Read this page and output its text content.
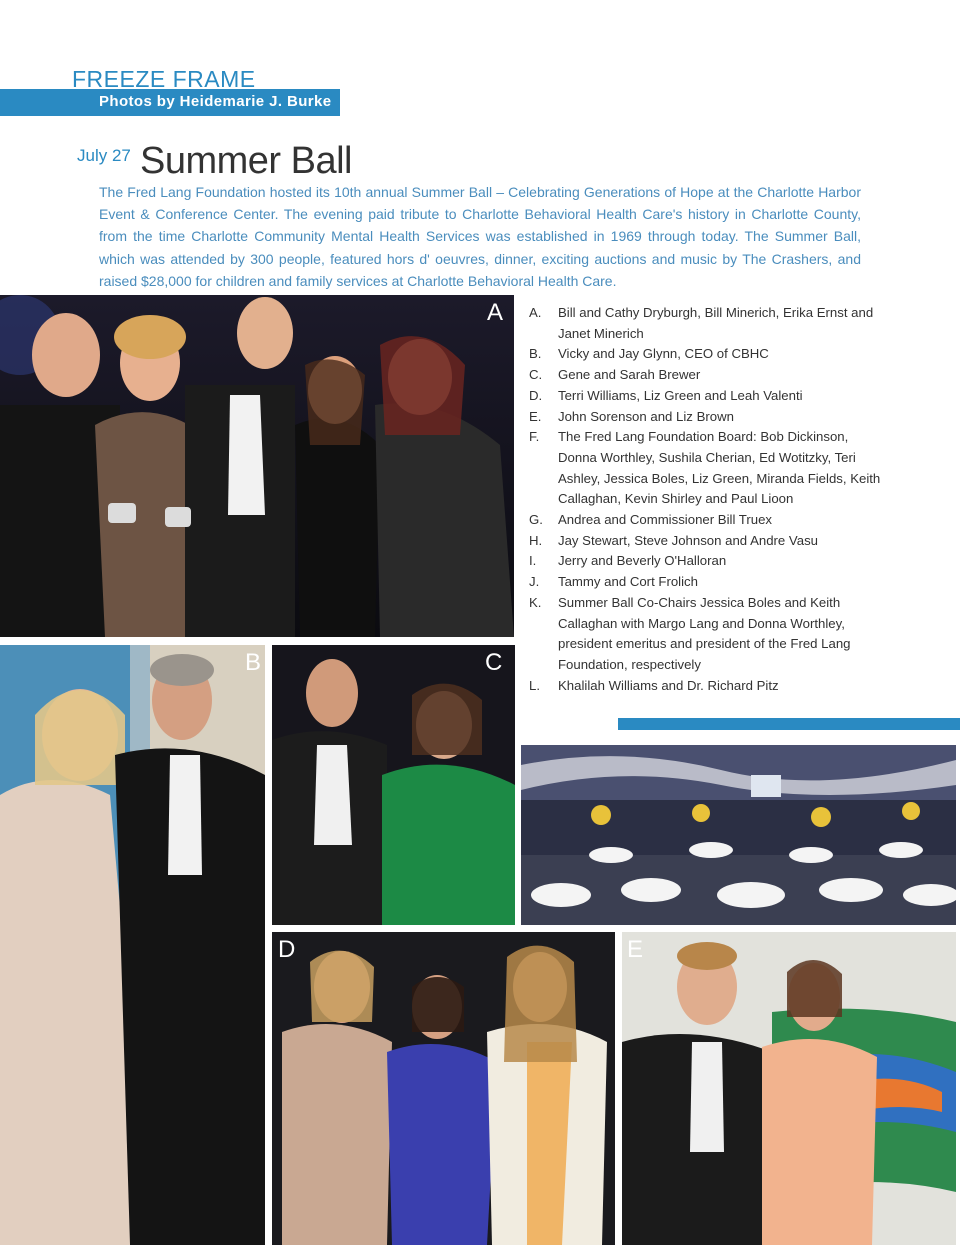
FREEZE FRAME
Photos by Heidemarie J. Burke
July 27 Summer Ball
The Fred Lang Foundation hosted its 10th annual Summer Ball – Celebrating Generations of Hope at the Charlotte Harbor Event & Conference Center. The evening paid tribute to Charlotte Behavioral Health Care's history in Charlotte County, from the time Charlotte Community Mental Health Services was established in 1969 through today. The Summer Ball, which was attended by 300 people, featured hors d' oeuvres, dinner, exciting auctions and music by The Crashers, and raised $28,000 for children and family services at Charlotte Behavioral Health Care.
A A. Bill and Cathy Dryburgh, Bill Minerich, Erika Ernst and Janet Minerich
B. Vicky and Jay Glynn, CEO of CBHC
C. Gene and Sarah Brewer
D. Terri Williams, Liz Green and Leah Valenti
E. John Sorenson and Liz Brown
F. The Fred Lang Foundation Board: Bob Dickinson, Donna Worthley, Sushila Cherian, Ed Wotitzky, Teri Ashley, Jessica Boles, Liz Green, Miranda Fields, Keith Callaghan, Kevin Shirley and Paul Lioon
G. Andrea and Commissioner Bill Truex
H. Jay Stewart, Steve Johnson and Andre Vasu
I. Jerry and Beverly O'Halloran
J. Tammy and Cort Frolich
K. Summer Ball Co-Chairs Jessica Boles and Keith Callaghan with Margo Lang and Donna Worthley, president emeritus and president of the Fred Lang Foundation, respectively
L. Khalilah Williams and Dr. Richard Pitz
B	C
D	E
